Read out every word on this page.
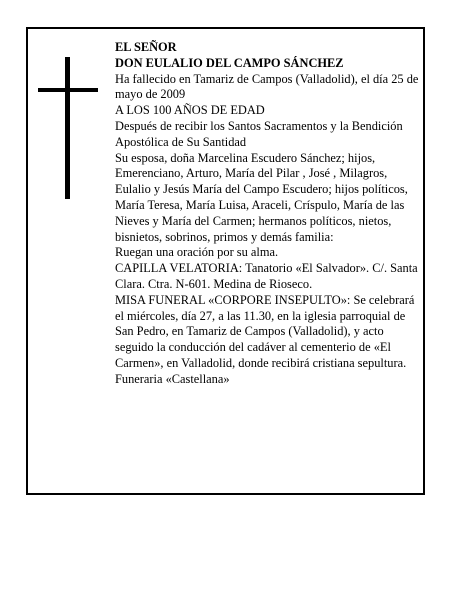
EL SEÑOR

DON EULALIO DEL CAMPO SÁNCHEZ

Ha fallecido en Tamariz de Campos (Valladolid), el día 25 de mayo de 2009

A LOS 100 AÑOS DE EDAD

Después de recibir los Santos Sacramentos y la Bendición Apostólica de Su Santidad

Su esposa, doña Marcelina Escudero Sánchez; hijos, Emerenciano, Arturo, María del Pilar , José , Milagros, Eulalio y Jesús María del Campo Escudero; hijos políticos, María Teresa, María Luisa, Araceli, Críspulo, María de las Nieves y María del Carmen; hermanos políticos, nietos, bisnietos, sobrinos, primos y demás familia:

Ruegan una oración por su alma.

CAPILLA VELATORIA: Tanatorio «El Salvador». C/. Santa Clara. Ctra. N-601. Medina de Rioseco.

MISA FUNERAL «CORPORE INSEPULTO»: Se celebrará el miércoles, día 27, a las 11.30, en la iglesia parroquial de San Pedro, en Tamariz de Campos (Valladolid), y acto seguido la conducción del cadáver al cementerio de «El Carmen», en Valladolid, donde recibirá cristiana sepultura.

Funeraria «Castellana»
